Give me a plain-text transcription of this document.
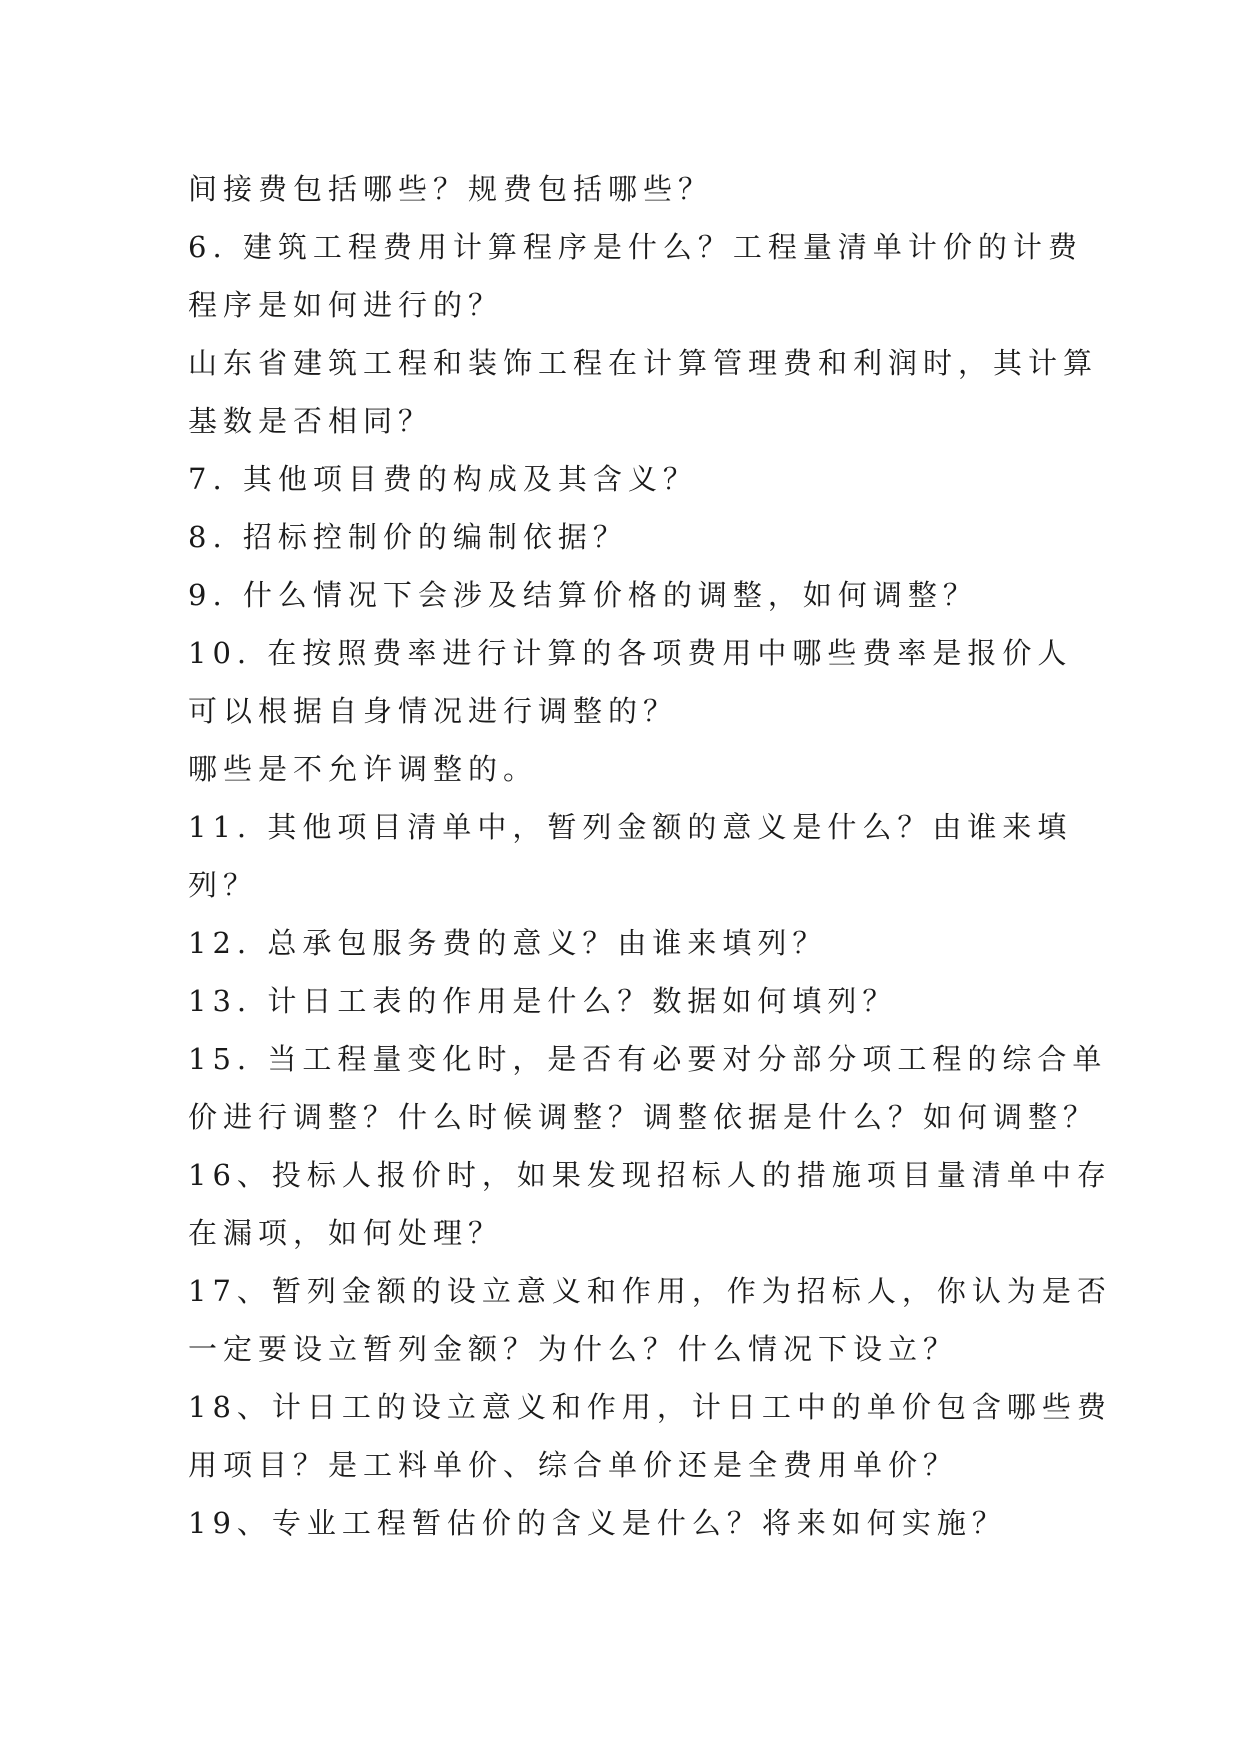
间接费包括哪些？规费包括哪些？
6. 建筑工程费用计算程序是什么？工程量清单计价的计费
程序是如何进行的？
山东省建筑工程和装饰工程在计算管理费和利润时，其计算
基数是否相同？
7. 其他项目费的构成及其含义？
8. 招标控制价的编制依据？
9. 什么情况下会涉及结算价格的调整，如何调整？
10. 在按照费率进行计算的各项费用中哪些费率是报价人
可以根据自身情况进行调整的？
哪些是不允许调整的。
11. 其他项目清单中，暂列金额的意义是什么？由谁来填
列？
12. 总承包服务费的意义？由谁来填列？
13. 计日工表的作用是什么？数据如何填列？
15. 当工程量变化时，是否有必要对分部分项工程的综合单
价进行调整？什么时候调整？调整依据是什么？如何调整？
16、投标人报价时，如果发现招标人的措施项目量清单中存
在漏项，如何处理？
17、暂列金额的设立意义和作用，作为招标人，你认为是否
一定要设立暂列金额？为什么？什么情况下设立？
18、计日工的设立意义和作用，计日工中的单价包含哪些费
用项目？是工料单价、综合单价还是全费用单价？
19、专业工程暂估价的含义是什么？将来如何实施？
